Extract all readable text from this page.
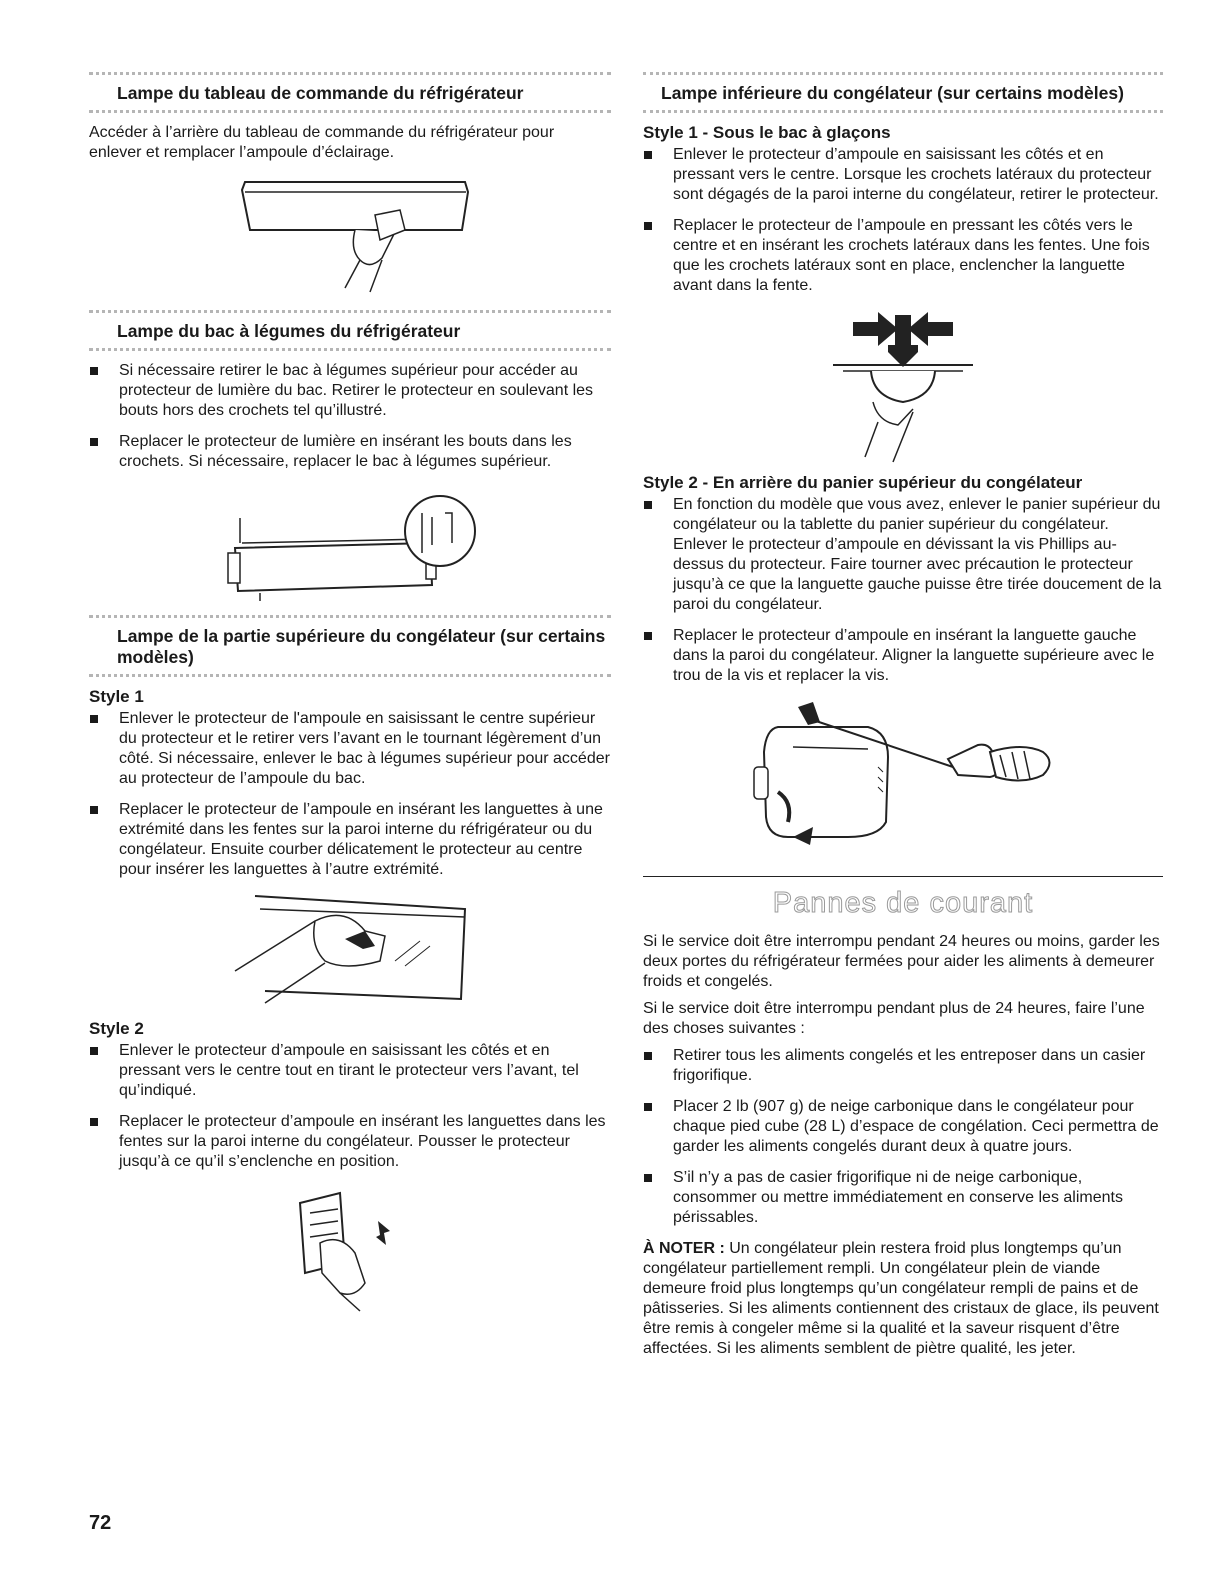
Lampe du tableau de commande du réfrigérateur

Accéder à l’arrière du tableau de commande du réfrigérateur pour enlever et remplacer l’ampoule d’éclairage.

Lampe du bac à légumes du réfrigérateur
Si nécessaire retirer le bac à légumes supérieur pour accéder au protecteur de lumière du bac. Retirer le protecteur en soulevant les bouts hors des crochets tel qu’illustré.
Replacer le protecteur de lumière en insérant les bouts dans les crochets. Si nécessaire, replacer le bac à légumes supérieur.
Lampe de la partie supérieure du congélateur (sur certains modèles)
Style 1
Enlever le protecteur de l'ampoule en saisissant le centre supérieur du protecteur et le retirer vers l’avant en le tournant légèrement d’un côté. Si nécessaire, enlever le bac à légumes supérieur pour accéder au protecteur de l’ampoule du bac.
Replacer le protecteur de l’ampoule en insérant les languettes à une extrémité dans les fentes sur la paroi interne du réfrigérateur ou du congélateur. Ensuite courber délicatement le protecteur au centre pour insérer les languettes à l’autre extrémité.
Style 2
Enlever le protecteur d’ampoule en saisissant les côtés et en pressant vers le centre tout en tirant le protecteur vers l’avant, tel qu’indiqué.
Replacer le protecteur d’ampoule en insérant les languettes dans les fentes sur la paroi interne du congélateur. Pousser le protecteur jusqu’à ce qu’il s’enclenche en position.
Lampe inférieure du congélateur (sur certains modèles)
Style 1 - Sous le bac à glaçons
Enlever le protecteur d’ampoule en saisissant les côtés et en pressant vers le centre. Lorsque les crochets latéraux du protecteur sont dégagés de la paroi interne du congélateur, retirer le protecteur.
Replacer le protecteur de l’ampoule en pressant les côtés vers le centre et en insérant les crochets latéraux dans les fentes. Une fois que les crochets latéraux sont en place, enclencher la languette avant dans la fente.
Style 2 - En arrière du panier supérieur du congélateur
En fonction du modèle que vous avez, enlever le panier supérieur du congélateur ou la tablette du panier supérieur du congélateur. Enlever le protecteur d’ampoule en dévissant la vis Phillips au-dessus du protecteur. Faire tourner avec précaution le protecteur jusqu’à ce que la languette gauche puisse être tirée doucement de la paroi du congélateur.
Replacer le protecteur d’ampoule en insérant la languette gauche dans la paroi du congélateur. Aligner la languette supérieure avec le trou de la vis et replacer la vis.
Pannes de courant

Si le service doit être interrompu pendant 24 heures ou moins, garder les deux portes du réfrigérateur fermées pour aider les aliments à demeurer froids et congelés.

Si le service doit être interrompu pendant plus de 24 heures, faire l’une des choses suivantes :

Retirer tous les aliments congelés et les entreposer dans un casier frigorifique.
Placer 2 lb (907 g) de neige carbonique dans le congélateur pour chaque pied cube (28 L) d’espace de congélation. Ceci permettra de garder les aliments congelés durant deux à quatre jours.
S’il n’y a pas de casier frigorifique ni de neige carbonique, consommer ou mettre immédiatement en conserve les aliments périssables.

À NOTER : Un congélateur plein restera froid plus longtemps qu’un congélateur partiellement rempli. Un congélateur plein de viande demeure froid plus longtemps qu’un congélateur rempli de pains et de pâtisseries. Si les aliments contiennent des cristaux de glace, ils peuvent être remis à congeler même si la qualité et la saveur risquent d’être affectées. Si les aliments semblent de piètre qualité, les jeter.

72
